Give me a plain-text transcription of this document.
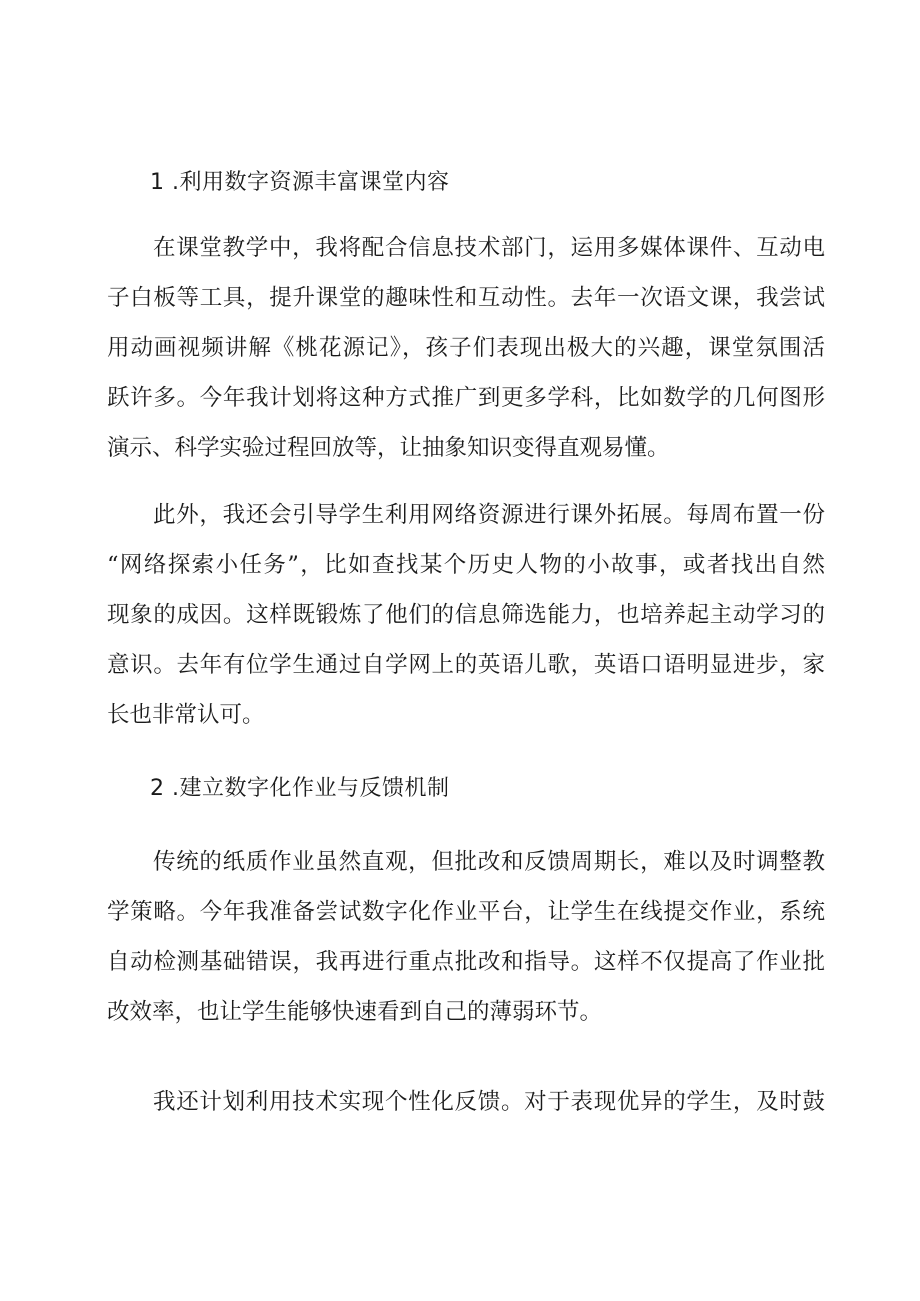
1 .利用数字资源丰富课堂内容
在课堂教学中，我将配合信息技术部门，运用多媒体课件、互动电
子白板等工具，提升课堂的趣味性和互动性。去年一次语文课，我尝试
用动画视频讲解《桃花源记》，孩子们表现出极大的兴趣，课堂氛围活
跃许多。今年我计划将这种方式推广到更多学科，比如数学的几何图形
演示、科学实验过程回放等，让抽象知识变得直观易懂。
此外，我还会引导学生利用网络资源进行课外拓展。每周布置一份
“网络探索小任务”，比如查找某个历史人物的小故事，或者找出自然
现象的成因。这样既锻炼了他们的信息筛选能力，也培养起主动学习的
意识。去年有位学生通过自学网上的英语儿歌，英语口语明显进步，家
长也非常认可。
2 .建立数字化作业与反馈机制
传统的纸质作业虽然直观，但批改和反馈周期长，难以及时调整教
学策略。今年我准备尝试数字化作业平台，让学生在线提交作业，系统
自动检测基础错误，我再进行重点批改和指导。这样不仅提高了作业批
改效率，也让学生能够快速看到自己的薄弱环节。
我还计划利用技术实现个性化反馈。对于表现优异的学生，及时鼓
